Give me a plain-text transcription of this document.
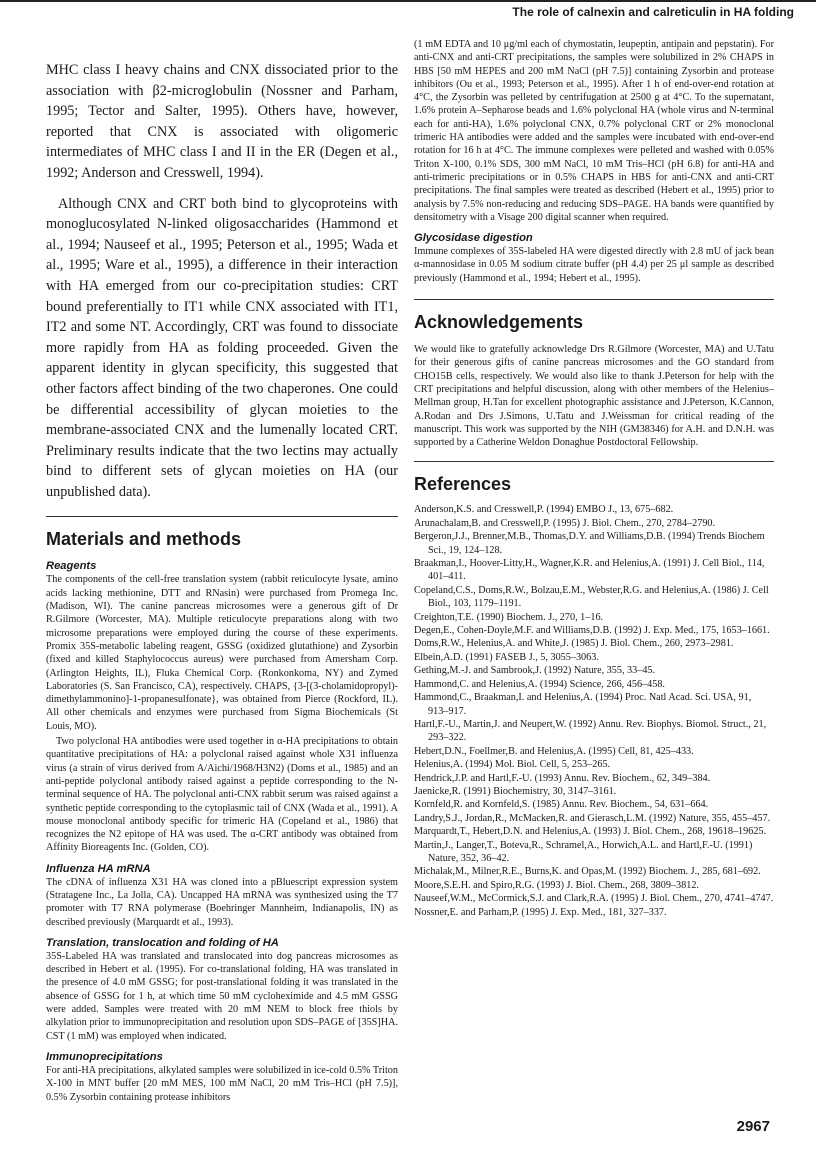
The role of calnexin and calreticulin in HA folding

MHC class I heavy chains and CNX dissociated prior to the association with β2-microglobulin (Nossner and Parham, 1995; Tector and Salter, 1995). Others have, however, reported that CNX is associated with oligomeric intermediates of MHC class I and II in the ER (Degen et al., 1992; Anderson and Cresswell, 1994).

Although CNX and CRT both bind to glycoproteins with monoglucosylated N-linked oligosaccharides (Hammond et al., 1994; Nauseef et al., 1995; Peterson et al., 1995; Wada et al., 1995; Ware et al., 1995), a difference in their interaction with HA emerged from our co-precipitation studies: CRT bound preferentially to IT1 while CNX associated with IT1, IT2 and some NT. Accordingly, CRT was found to dissociate more rapidly from HA as folding proceeded. Given the apparent identity in glycan specificity, this suggested that other factors affect binding of the two chaperones. One could be differential accessibility of glycan moieties to the membrane-associated CNX and the lumenally located CRT. Preliminary results indicate that the two lectins may actually bind to different sets of glycan moieties on HA (our unpublished data).

Materials and methods
Reagents

The components of the cell-free translation system (rabbit reticulocyte lysate, amino acids lacking methionine, DTT and RNasin) were purchased from Promega Inc. (Madison, WI). The canine pancreas microsomes were a generous gift of Dr R.Gilmore (Worcester, MA). Multiple reticulocyte preparations along with two microsome preparations were employed during the course of these experiments. Promix 35S-metabolic labeling reagent, GSSG (oxidized glutathione) and Zysorbin (fixed and killed Staphylococcus aureus) were purchased from Amersham Corp. (Arlington Heights, IL), Fluka Chemical Corp. (Ronkonkoma, NY) and Zymed Laboratories (S. San Francisco, CA), respectively. CHAPS, {3-[(3-cholamidopropyl)-dimethylammonino]-1-propanesulfonate}, was obtained from Pierce (Rockford, IL). All other chemicals and enzymes were purchased from Sigma Biochemicals (St Louis, MO).

Two polyclonal HA antibodies were used together in α-HA precipitations to obtain quantitative precipitations of HA: a polyclonal raised against whole X31 influenza virus (a strain of virus derived from A/Aichi/1968/H3N2) (Doms et al., 1985) and an anti-peptide polyclonal antibody raised against a peptide corresponding to the N-terminal sequence of HA. The polyclonal anti-CNX rabbit serum was raised against a synthetic peptide corresponding to the cytoplasmic tail of CNX (Wada et al., 1991). A mouse monoclonal antibody specific for trimeric HA (Copeland et al., 1986) that recognizes the N2 epitope of HA was used. The α-CRT antibody was obtained from Affinity Bioreagents Inc. (Golden, CO).

Influenza HA mRNA

The cDNA of influenza X31 HA was cloned into a pBluescript expression system (Stratagene Inc., La Jolla, CA). Uncapped HA mRNA was synthesized using the T7 promoter with T7 RNA polymerase (Boehringer Mannheim, Indianapolis, IN) as described previously (Marquardt et al., 1993).

Translation, translocation and folding of HA

35S-Labeled HA was translated and translocated into dog pancreas microsomes as described in Hebert et al. (1995). For co-translational folding, HA was translated in the presence of 4.0 mM GSSG; for post-translational folding it was translated in the absence of GSSG for 1 h, at which time 50 mM cycloheximide and 4.5 mM GSSG were added. Samples were treated with 20 mM NEM to block free thiols by alkylation prior to immunoprecipitation and resolution upon SDS–PAGE of [35S]HA. CST (1 mM) was employed when indicated.

Immunoprecipitations

For anti-HA precipitations, alkylated samples were solubilized in ice-cold 0.5% Triton X-100 in MNT buffer [20 mM MES, 100 mM NaCl, 20 mM Tris–HCl (pH 7.5)], 0.5% Zysorbin containing protease inhibitors

(1 mM EDTA and 10 μg/ml each of chymostatin, leupeptin, antipain and pepstatin). For anti-CNX and anti-CRT precipitations, the samples were solubilized in 2% CHAPS in HBS [50 mM HEPES and 200 mM NaCl (pH 7.5)] containing Zysorbin and protease inhibitors (Ou et al., 1993; Peterson et al., 1995). After 1 h of end-over-end rotation at 4°C, the Zysorbin was pelleted by centrifugation at 2500 g at 4°C. To the supernatant, 1.6% protein A–Sepharose beads and 1.6% polyclonal HA (whole virus and N-terminal each for anti-HA), 1.6% polyclonal CNX, 0.7% polyclonal CRT or 2% monoclonal trimeric HA antibodies were added and the samples were incubated with end-over-end rotation for 16 h at 4°C. The immune complexes were pelleted and washed with 0.05% Triton X-100, 0.1% SDS, 300 mM NaCl, 10 mM Tris–HCl (pH 6.8) for anti-HA and anti-trimeric precipitations or in 0.5% CHAPS in HBS for anti-CNX and anti-CRT precipitations. The final samples were treated as described (Hebert et al., 1995) prior to analysis by 7.5% non-reducing and reducing SDS–PAGE. HA bands were quantified by densitometry with a Visage 200 digital scanner when required.

Glycosidase digestion

Immune complexes of 35S-labeled HA were digested directly with 2.8 mU of jack bean α-mannosidase in 0.05 M sodium citrate buffer (pH 4.4) per 25 μl sample as described previously (Hammond et al., 1994; Hebert et al., 1995).

Acknowledgements

We would like to gratefully acknowledge Drs R.Gilmore (Worcester, MA) and U.Tatu for their generous gifts of canine pancreas microsomes and the GO standard from CHO15B cells, respectively. We would also like to thank J.Peterson for help with the CRT precipitations and helpful discussion, along with other members of the Helenius–Mellman group, H.Tan for excellent photographic assistance and J.Peterson, K.Cannon, A.Rodan and Drs J.Simons, U.Tatu and J.Weissman for critical reading of the manuscript. This work was supported by the NIH (GM38346) for A.H. and D.N.H. was supported by a Catherine Weldon Donaghue Postdoctoral Fellowship.

References
Anderson,K.S. and Cresswell,P. (1994) EMBO J., 13, 675–682.
Arunachalam,B. and Cresswell,P. (1995) J. Biol. Chem., 270, 2784–2790.
Bergeron,J.J., Brenner,M.B., Thomas,D.Y. and Williams,D.B. (1994) Trends Biochem Sci., 19, 124–128.
Braakman,I., Hoover-Litty,H., Wagner,K.R. and Helenius,A. (1991) J. Cell Biol., 114, 401–411.
Copeland,C.S., Doms,R.W., Bolzau,E.M., Webster,R.G. and Helenius,A. (1986) J. Cell Biol., 103, 1179–1191.
Creighton,T.E. (1990) Biochem. J., 270, 1–16.
Degen,E., Cohen-Doyle,M.F. and Williams,D.B. (1992) J. Exp. Med., 175, 1653–1661.
Doms,R.W., Helenius,A. and White,J. (1985) J. Biol. Chem., 260, 2973–2981.
Elbein,A.D. (1991) FASEB J., 5, 3055–3063.
Gething,M.-J. and Sambrook,J. (1992) Nature, 355, 33–45.
Hammond,C. and Helenius,A. (1994) Science, 266, 456–458.
Hammond,C., Braakman,I. and Helenius,A. (1994) Proc. Natl Acad. Sci. USA, 91, 913–917.
Hartl,F.-U., Martin,J. and Neupert,W. (1992) Annu. Rev. Biophys. Biomol. Struct., 21, 293–322.
Hebert,D.N., Foellmer,B. and Helenius,A. (1995) Cell, 81, 425–433.
Helenius,A. (1994) Mol. Biol. Cell, 5, 253–265.
Hendrick,J.P. and Hartl,F.-U. (1993) Annu. Rev. Biochem., 62, 349–384.
Jaenicke,R. (1991) Biochemistry, 30, 3147–3161.
Kornfeld,R. and Kornfeld,S. (1985) Annu. Rev. Biochem., 54, 631–664.
Landry,S.J., Jordan,R., McMacken,R. and Gierasch,L.M. (1992) Nature, 355, 455–457.
Marquardt,T., Hebert,D.N. and Helenius,A. (1993) J. Biol. Chem., 268, 19618–19625.
Martin,J., Langer,T., Boteva,R., Schramel,A., Horwich,A.L. and Hartl,F.-U. (1991) Nature, 352, 36–42.
Michalak,M., Milner,R.E., Burns,K. and Opas,M. (1992) Biochem. J., 285, 681–692.
Moore,S.E.H. and Spiro,R.G. (1993) J. Biol. Chem., 268, 3809–3812.
Nauseef,W.M., McCormick,S.J. and Clark,R.A. (1995) J. Biol. Chem., 270, 4741–4747.
Nossner,E. and Parham,P. (1995) J. Exp. Med., 181, 327–337.
2967
